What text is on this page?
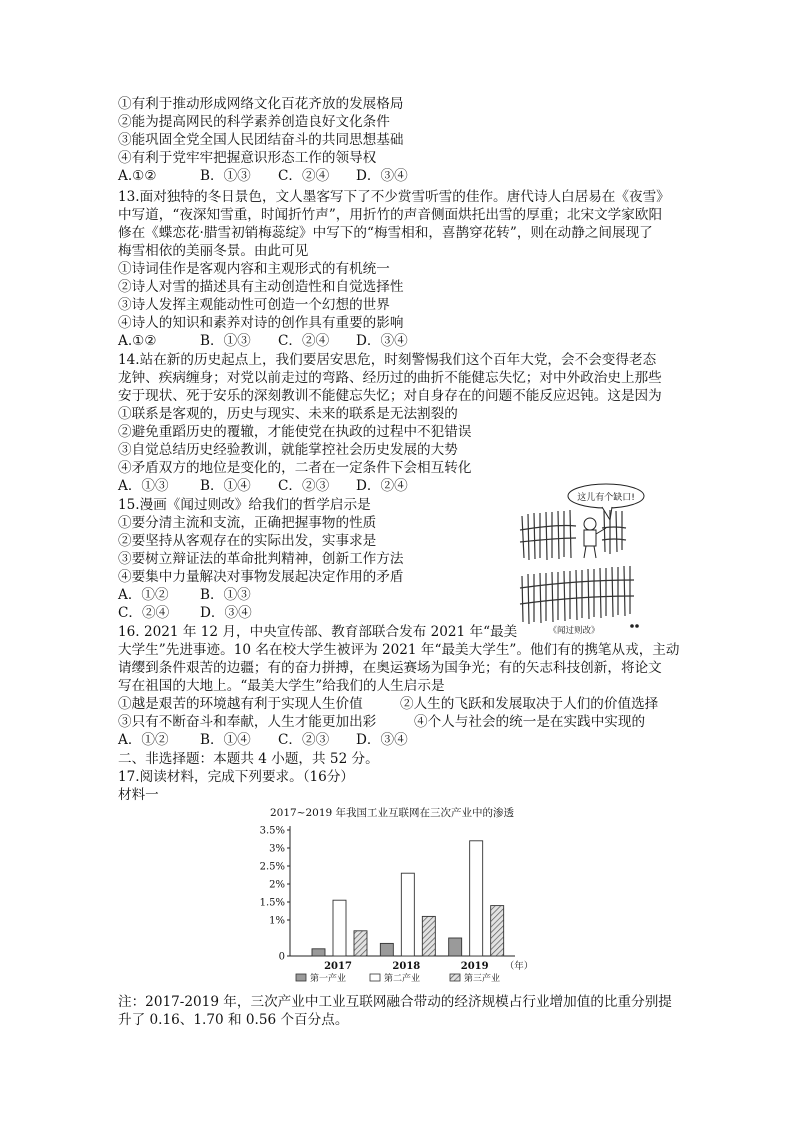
①有利于推动形成网络文化百花齐放的发展格局
②能为提高网民的科学素养创造良好文化条件
③能巩固全党全国人民团结奋斗的共同思想基础
④有利于党牢牢把握意识形态工作的领导权
A.①②	B．①③ C．②④ D．③④
13.面对独特的冬日景色，文人墨客写下了不少赏雪听雪的佳作。唐代诗人白居易在《夜雪》
中写道，“夜深知雪重，时闻折竹声”，用折竹的声音侧面烘托出雪的厚重；北宋文学家欧阳
修在《蝶恋花·腊雪初销梅蕊绽》中写下的“梅雪相和，喜鹊穿花转”，则在动静之间展现了
梅雪相依的美丽冬景。由此可见
①诗词佳作是客观内容和主观形式的有机统一
②诗人对雪的描述具有主动创造性和自觉选择性
③诗人发挥主观能动性可创造一个幻想的世界
④诗人的知识和素养对诗的创作具有重要的影响
A.①②	B．①③ C．②④ D．③④
14.站在新的历史起点上，我们要居安思危，时刻警惕我们这个百年大党，会不会变得老态
龙钟、疾病缠身；对党以前走过的弯路、经历过的曲折不能健忘失忆；对中外政治史上那些
安于现状、死于安乐的深刻教训不能健忘失忆；对自身存在的问题不能反应迟钝。这是因为
①联系是客观的，历史与现实、未来的联系是无法割裂的
②避免重蹈历史的覆辙，才能使党在执政的过程中不犯错误
③自觉总结历史经验教训，就能掌控社会历史发展的大势
④矛盾双方的地位是变化的，二者在一定条件下会相互转化
A．①③ B．①④ C．②③ D．②④
15.漫画《闻过则改》给我们的哲学启示是
①要分清主流和支流，正确把握事物的性质
②要坚持从客观存在的实际出发，实事求是
③要树立辩证法的革命批判精神，创新工作方法
④要集中力量解决对事物发展起决定作用的矛盾
A．①② B．①③
C．②④ D．③④
这儿有个缺口!
《闻过则改》
16. 2021 年 12 月，中央宣传部、教育部联合发布 2021 年“最美
大学生”先进事迹。10 名在校大学生被评为 2021 年“最美大学生”。他们有的携笔从戎，主动
请缨到条件艰苦的边疆；有的奋力拼搏，在奥运赛场为国争光；有的矢志科技创新，将论文
写在祖国的大地上。“最美大学生”给我们的人生启示是
①越是艰苦的环境越有利于实现人生价值	②人生的飞跃和发展取决于人们的价值选择
③只有不断奋斗和奉献，人生才能更加出彩	④个人与社会的统一是在实践中实现的
A．①② B．①④ C．②③ D．③④
二、非选择题：本题共 4 小题，共 52 分。
17.阅读材料，完成下列要求。（16分）
材料一
2017~2019 年我国工业互联网在三次产业中的渗透
0
1%
1.5%
2%
2.5%
3%
3.5%
2017	2018	2019 （年）
第一产业	第二产业	第三产业
注：2017-2019 年，三次产业中工业互联网融合带动的经济规模占行业增加值的比重分别提
升了 0.16、1.70 和 0.56 个百分点。
